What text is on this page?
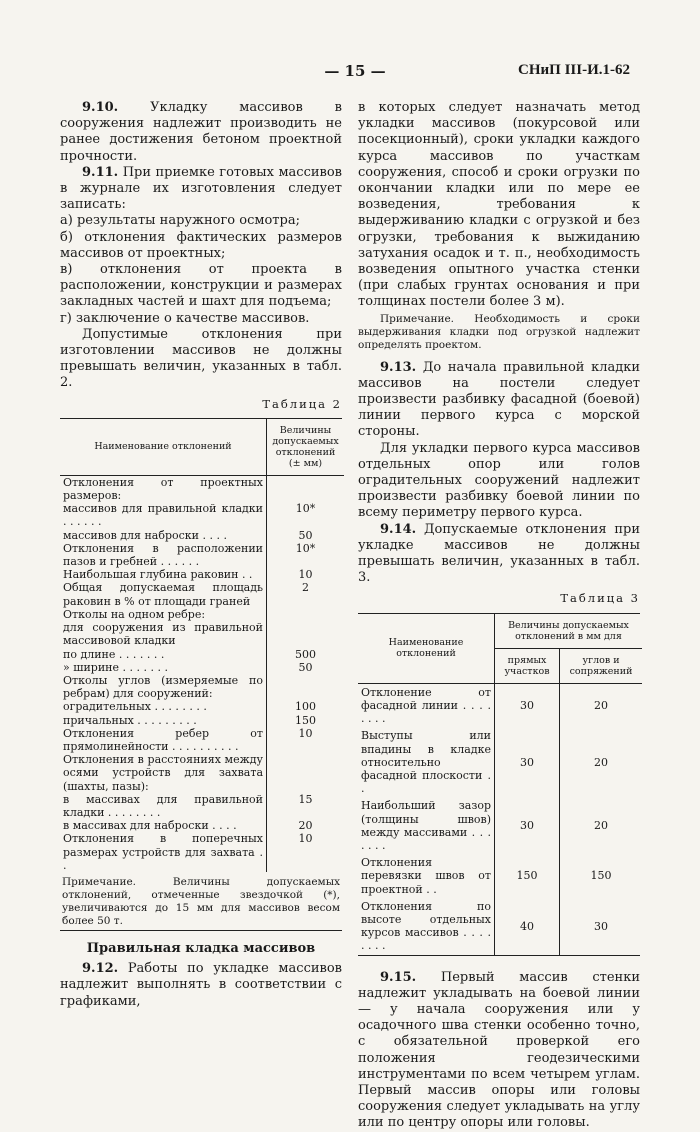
— 15 —	СНиП III-И.1-62

9.10. Укладку массивов в сооружения надлежит производить не ранее достижения бетоном проектной прочности.

9.11. При приемке готовых массивов в журнале их изготовления следует записать:

а) результаты наружного осмотра;

б) отклонения фактических размеров массивов от проектных;

в) отклонения от проекта в расположении, конструкции и размерах закладных частей и шахт для подъема;

г) заключение о качестве массивов.

Допустимые отклонения при изготовлении массивов не должны превышать величин, указанных в табл. 2.

Таблица 2
Наименование отклонений	Величины допускаемых отклонений (± мм)
Отклонения от проектных размеров:	
массивов для правильной кладки . . . . . .	10*
массивов для наброски . . . .	50
Отклонения в расположении пазов и гребней . . . . . .	10*
Наибольшая глубина раковин . .	10
Общая допускаемая площадь раковин в % от площади граней	2
Отколы на одном ребре:	
для сооружения из правильной массивовой кладки	
по длине . . . . . . .	500
» ширине . . . . . . .	50
Отколы углов (измеряемые по ребрам) для сооружений:	
оградительных . . . . . . . .	100
причальных . . . . . . . . .	150
Отклонения ребер от прямолинейности . . . . . . . . . .	10
Отклонения в расстояниях между осями устройств для захвата (шахты, пазы):	
в массивах для правильной кладки . . . . . . . .	15
в массивах для наброски . . . .	20
Отклонения в поперечных размерах устройств для захвата . .	10
Примечание. Величины допускаемых отклонений, отмеченные звездочкой (*), увеличиваются до 15 мм для массивов весом более 50 т.
Правильная кладка массивов

9.12. Работы по укладке массивов надлежит выполнять в соответствии с графиками,

в которых следует назначать метод укладки массивов (покурсовой или посекционный), сроки укладки каждого курса массивов по участкам сооружения, способ и сроки огрузки по окончании кладки или по мере ее возведения, требования к выдерживанию кладки с огрузкой и без огрузки, требования к выжиданию затухания осадок и т. п., необходимость возведения опытного участка стенки (при слабых грунтах основания и при толщинах постели более 3 м).

Примечание. Необходимость и сроки выдерживания кладки под огрузкой надлежит определять проектом.

9.13. До начала правильной кладки массивов на постели следует произвести разбивку фасадной (боевой) линии первого курса с морской стороны.

Для укладки первого курса массивов отдельных опор или голов оградительных сооружений надлежит произвести разбивку боевой линии по всему периметру первого курса.

9.14. Допускаемые отклонения при укладке массивов не должны превышать величин, указанных в табл. 3.

Таблица 3
Наименование отклонений	Величины допускаемых отклонений в мм для	
	прямых участков	углов и сопряжений
Отклонение от фасадной линии . . . . . . . .	30	20
Выступы или впадины в кладке относительно фасадной плоскости . .	30	20
Наибольший зазор (толщины швов) между массивами . . . . . . .	30	20
Отклонения перевязки швов от проектной . .	150	150
Отклонения по высоте отдельных курсов массивов . . . . . . . .	40	30

9.15. Первый массив стенки надлежит укладывать на боевой линии — у начала сооружения или у осадочного шва стенки особенно точно, с обязательной проверкой его положения геодезическими инструментами по всем четырем углам. Первый массив опоры или головы сооружения следует укладывать на углу или по центру опоры или головы.
